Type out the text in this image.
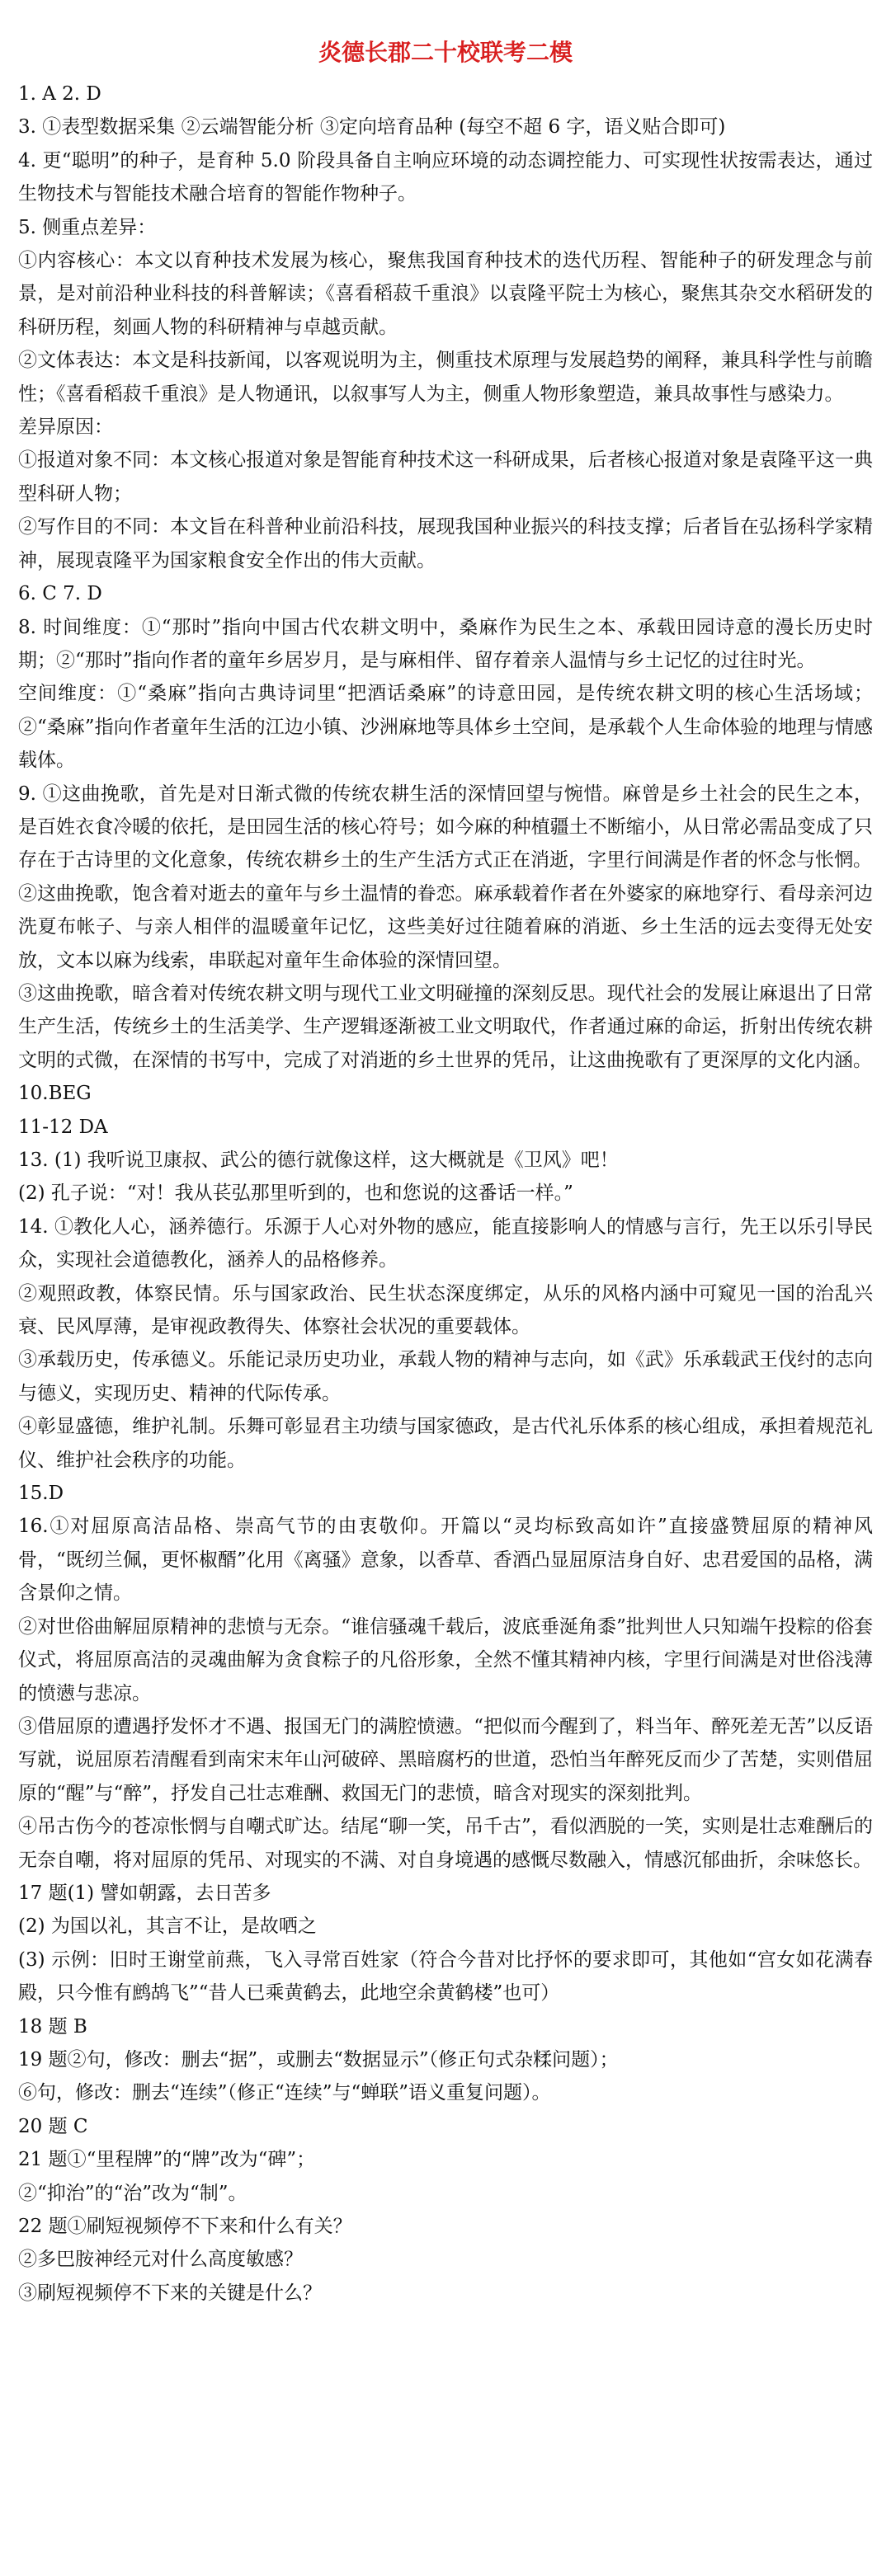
炎德长郡二十校联考二模

1. A 2. D

3. ①表型数据采集 ②云端智能分析 ③定向培育品种 (每空不超 6 字，语义贴合即可)

4. 更“聪明”的种子，是育种 5.0 阶段具备自主响应环境的动态调控能力、可实现性状按需表达，通过生物技术与智能技术融合培育的智能作物种子。

5. 侧重点差异：

①内容核心：本文以育种技术发展为核心，聚焦我国育种技术的迭代历程、智能种子的研发理念与前景，是对前沿种业科技的科普解读；《喜看稻菽千重浪》以袁隆平院士为核心，聚焦其杂交水稻研发的科研历程，刻画人物的科研精神与卓越贡献。

②文体表达：本文是科技新闻，以客观说明为主，侧重技术原理与发展趋势的阐释，兼具科学性与前瞻性；《喜看稻菽千重浪》是人物通讯，以叙事写人为主，侧重人物形象塑造，兼具故事性与感染力。

差异原因：

①报道对象不同：本文核心报道对象是智能育种技术这一科研成果，后者核心报道对象是袁隆平这一典型科研人物；

②写作目的不同：本文旨在科普种业前沿科技，展现我国种业振兴的科技支撑；后者旨在弘扬科学家精神，展现袁隆平为国家粮食安全作出的伟大贡献。

6. C 7. D

8. 时间维度：①“那时”指向中国古代农耕文明中，桑麻作为民生之本、承载田园诗意的漫长历史时期；②“那时”指向作者的童年乡居岁月，是与麻相伴、留存着亲人温情与乡土记忆的过往时光。

空间维度：①“桑麻”指向古典诗词里“把酒话桑麻”的诗意田园，是传统农耕文明的核心生活场域；②“桑麻”指向作者童年生活的江边小镇、沙洲麻地等具体乡土空间，是承载个人生命体验的地理与情感载体。

9. ①这曲挽歌，首先是对日渐式微的传统农耕生活的深情回望与惋惜。麻曾是乡土社会的民生之本，是百姓衣食冷暖的依托，是田园生活的核心符号；如今麻的种植疆土不断缩小，从日常必需品变成了只存在于古诗里的文化意象，传统农耕乡土的生产生活方式正在消逝，字里行间满是作者的怀念与怅惘。

②这曲挽歌，饱含着对逝去的童年与乡土温情的眷恋。麻承载着作者在外婆家的麻地穿行、看母亲河边洗夏布帐子、与亲人相伴的温暖童年记忆，这些美好过往随着麻的消逝、乡土生活的远去变得无处安放，文本以麻为线索，串联起对童年生命体验的深情回望。

③这曲挽歌，暗含着对传统农耕文明与现代工业文明碰撞的深刻反思。现代社会的发展让麻退出了日常生产生活，传统乡土的生活美学、生产逻辑逐渐被工业文明取代，作者通过麻的命运，折射出传统农耕文明的式微，在深情的书写中，完成了对消逝的乡土世界的凭吊，让这曲挽歌有了更深厚的文化内涵。

10.BEG

11-12 DA

13. (1) 我听说卫康叔、武公的德行就像这样，这大概就是《卫风》吧！

(2) 孔子说：“对！我从苌弘那里听到的，也和您说的这番话一样。”

14. ①教化人心，涵养德行。乐源于人心对外物的感应，能直接影响人的情感与言行，先王以乐引导民众，实现社会道德教化，涵养人的品格修养。

②观照政教，体察民情。乐与国家政治、民生状态深度绑定，从乐的风格内涵中可窥见一国的治乱兴衰、民风厚薄，是审视政教得失、体察社会状况的重要载体。

③承载历史，传承德义。乐能记录历史功业，承载人物的精神与志向，如《武》乐承载武王伐纣的志向与德义，实现历史、精神的代际传承。

④彰显盛德，维护礼制。乐舞可彰显君主功绩与国家德政，是古代礼乐体系的核心组成，承担着规范礼仪、维护社会秩序的功能。

15.D

16.①对屈原高洁品格、崇高气节的由衷敬仰。开篇以“灵均标致高如许”直接盛赞屈原的精神风骨，“既纫兰佩，更怀椒醑”化用《离骚》意象，以香草、香酒凸显屈原洁身自好、忠君爱国的品格，满含景仰之情。

②对世俗曲解屈原精神的悲愤与无奈。“谁信骚魂千载后，波底垂涎角黍”批判世人只知端午投粽的俗套仪式，将屈原高洁的灵魂曲解为贪食粽子的凡俗形象，全然不懂其精神内核，字里行间满是对世俗浅薄的愤懑与悲凉。

③借屈原的遭遇抒发怀才不遇、报国无门的满腔愤懑。“把似而今醒到了，料当年、醉死差无苦”以反语写就，说屈原若清醒看到南宋末年山河破碎、黑暗腐朽的世道，恐怕当年醉死反而少了苦楚，实则借屈原的“醒”与“醉”，抒发自己壮志难酬、救国无门的悲愤，暗含对现实的深刻批判。

④吊古伤今的苍凉怅惘与自嘲式旷达。结尾“聊一笑，吊千古”，看似洒脱的一笑，实则是壮志难酬后的无奈自嘲，将对屈原的凭吊、对现实的不满、对自身境遇的感慨尽数融入，情感沉郁曲折，余味悠长。

17 题(1) 譬如朝露，去日苦多

(2) 为国以礼，其言不让，是故哂之

(3) 示例：旧时王谢堂前燕，飞入寻常百姓家（符合今昔对比抒怀的要求即可，其他如“宫女如花满春殿，只今惟有鹧鸪飞”“昔人已乘黄鹤去，此地空余黄鹤楼”也可）

18 题 B

19 题②句，修改：删去“据”，或删去“数据显示”（修正句式杂糅问题）；

⑥句，修改：删去“连续”（修正“连续”与“蝉联”语义重复问题）。

20 题 C

21 题①“里程牌”的“牌”改为“碑”；

②“抑治”的“治”改为“制”。

22 题①刷短视频停不下来和什么有关？

②多巴胺神经元对什么高度敏感？

③刷短视频停不下来的关键是什么？
